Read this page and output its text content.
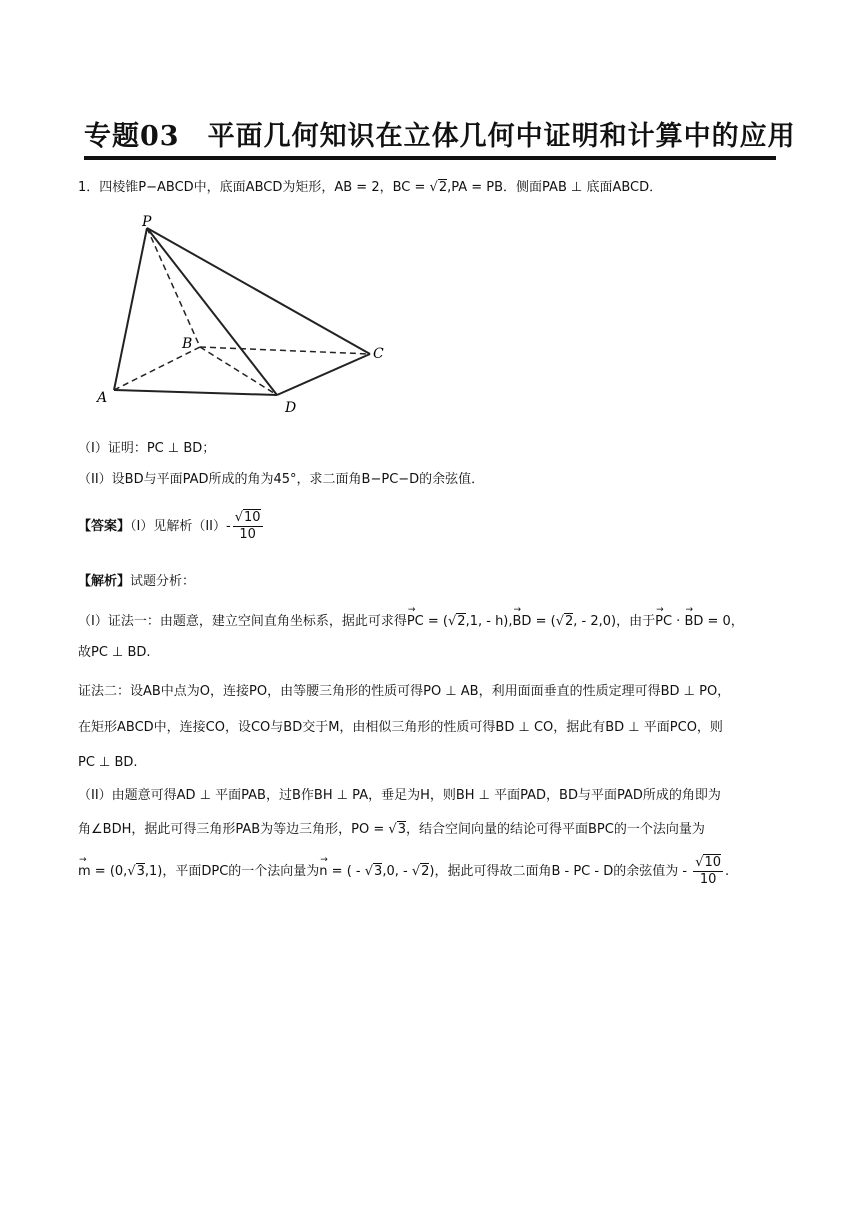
专题03　平面几何知识在立体几何中证明和计算中的应用
1．四棱锥P−ABCD中，底面ABCD为矩形，AB = 2，BC = √2,PA = PB．侧面PAB ⊥ 底面ABCD．
P
A
B
C
D
（I）证明：PC ⊥ BD；
（II）设BD与平面PAD所成的角为45°，求二面角B−PC−D的余弦值．
【答案】（I）见解析$(II)- \frac{√10}{10}$
【解析】试题分析：
（I）证法一：由题意，建立空间直角坐标系，据此可求得→ PC = (√2,1, - h),→ BD = (√2, - 2,0)，由于→ PC · → BD = 0，
故PC ⊥ BD.
证法二：设AB中点为O，连接PO，由等腰三角形的性质可得PO ⊥ AB，利用面面垂直的性质定理可得BD ⊥ PO，
在矩形ABCD中，连接CO，设CO与BD交于M，由相似三角形的性质可得BD ⊥ CO，据此有BD ⊥ 平面PCO，则
PC ⊥ BD.
（II）由题意可得AD ⊥ 平面PAB，过B作BH ⊥ PA，垂足为H，则BH ⊥ 平面PAD，BD与平面PAD所成的角即为
角∠BDH，据此可得三角形PAB为等边三角形，PO = √3，结合空间向量的结论可得平面BPC的一个法向量为
→ m = (0,√3,1)，平面DPC的一个法向量为→ n = ( - √3,0, - √2)，据此可得故二面角B - PC - D的余弦值为 - $\frac{√10}{10}$ .
